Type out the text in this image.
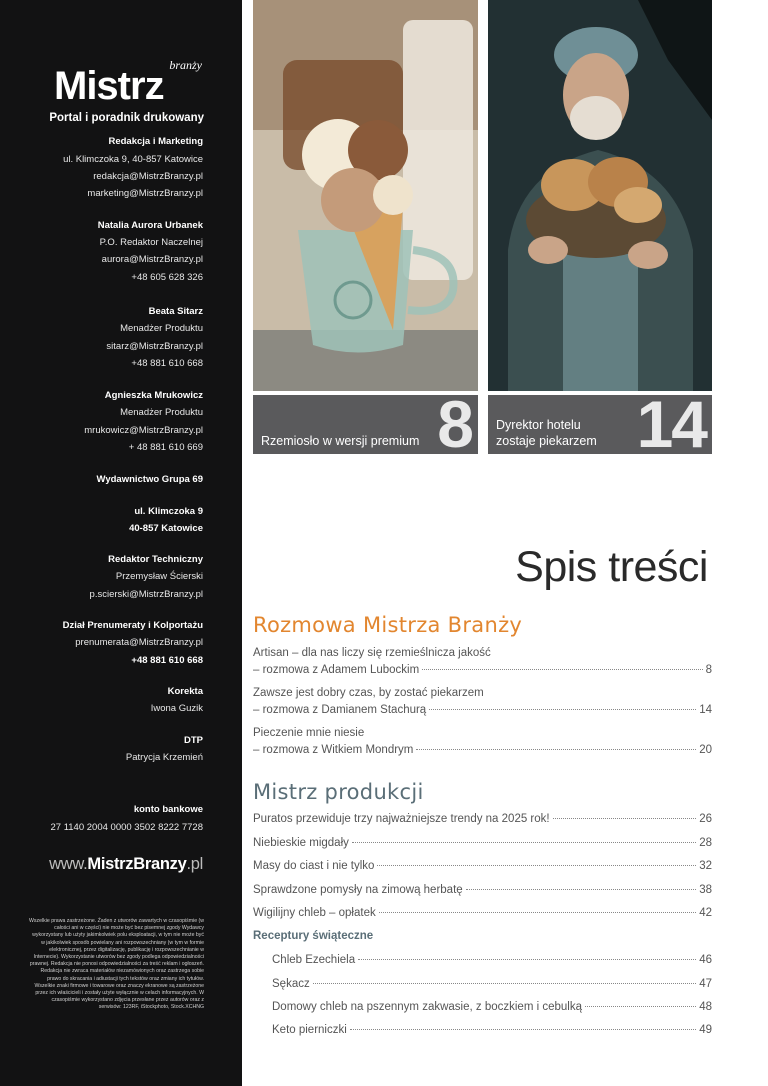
Mistrz branży
Portal i poradnik drukowany
Redakcja i Marketing
ul. Klimczoka 9, 40-857 Katowice
redakcja@MistrzBranzy.pl
marketing@MistrzBranzy.pl
Natalia Aurora Urbanek
P.O. Redaktor Naczelnej
aurora@MistrzBranzy.pl
+48 605 628 326
Beata Sitarz
Menadżer Produktu
sitarz@MistrzBranzy.pl
+48 881 610 668
Agnieszka Mrukowicz
Menadżer Produktu
mrukowicz@MistrzBranzy.pl
+ 48 881 610 669
Wydawnictwo Grupa 69
ul. Klimczoka 9
40-857 Katowice
Redaktor Techniczny
Przemysław Ścierski
p.scierski@MistrzBranzy.pl
Dział Prenumeraty i Kolportażu
prenumerata@MistrzBranzy.pl
+48 881 610 668
Korekta
Iwona Guzik
DTP
Patrycja Krzemień
konto bankowe
27 1140 2004 0000 3502 8222 7728
www.MistrzBranzy.pl
Wszelkie prawa zastrzeżone. Żaden z utworów zawartych w czasopiśmie (w całości ani w części) nie może być bez pisemnej zgody Wydawcy wykorzystany lub użyty jakimkolwiek polu eksploatacji, w tym nie może być w jakikolwiek sposób powielany ani rozpowszechniany (w tym w formie elektronicznej, przez digitalizację, publikację i rozpowszechnianie w Internecie). Wykorzystanie utworów bez zgody podlega odpowiedzialności prawnej. Redakcja nie ponosi odpowiedzialności za treść reklam i ogłoszeń. Redakcja nie zwraca materiałów niezamówionych oraz zastrzega sobie prawo do skracania i adiustacji tych tekstów oraz zmiany ich tytułów. Wszelkie znaki firmowe i towarowe oraz znaczy ekranowe są zastrzeżone przez ich właścicieli i zostały użyte wyłącznie w celach informacyjnych. W czasopiśmie wykorzystano zdjęcia przesłane przez autorów oraz z serwisów: 123RF, iStockphoto, Stock.XCHNG
Rzemiosło w wersji premium 8 Dyrektor hotelu
zostaje piekarzem 14
Spis treści
Rozmowa Mistrza Branży
Artisan – dla nas liczy się rzemieślnicza jakość
– rozmowa z Adamem Lubockim	8
Zawsze jest dobry czas, by zostać piekarzem
– rozmowa z Damianem Stachurą	14
Pieczenie mnie niesie
– rozmowa z Witkiem Mondrym	20
Mistrz produkcji
Puratos przewiduje trzy najważniejsze trendy na 2025 rok!	26
Niebieskie migdały	28
Masy do ciast i nie tylko	32
Sprawdzone pomysły na zimową herbatę	38
Wigilijny chleb – opłatek	42
Receptury świąteczne
Chleb Ezechiela	46
Sękacz	47
Domowy chleb na pszennym zakwasie, z boczkiem i cebulką	48
Keto pierniczki	49
